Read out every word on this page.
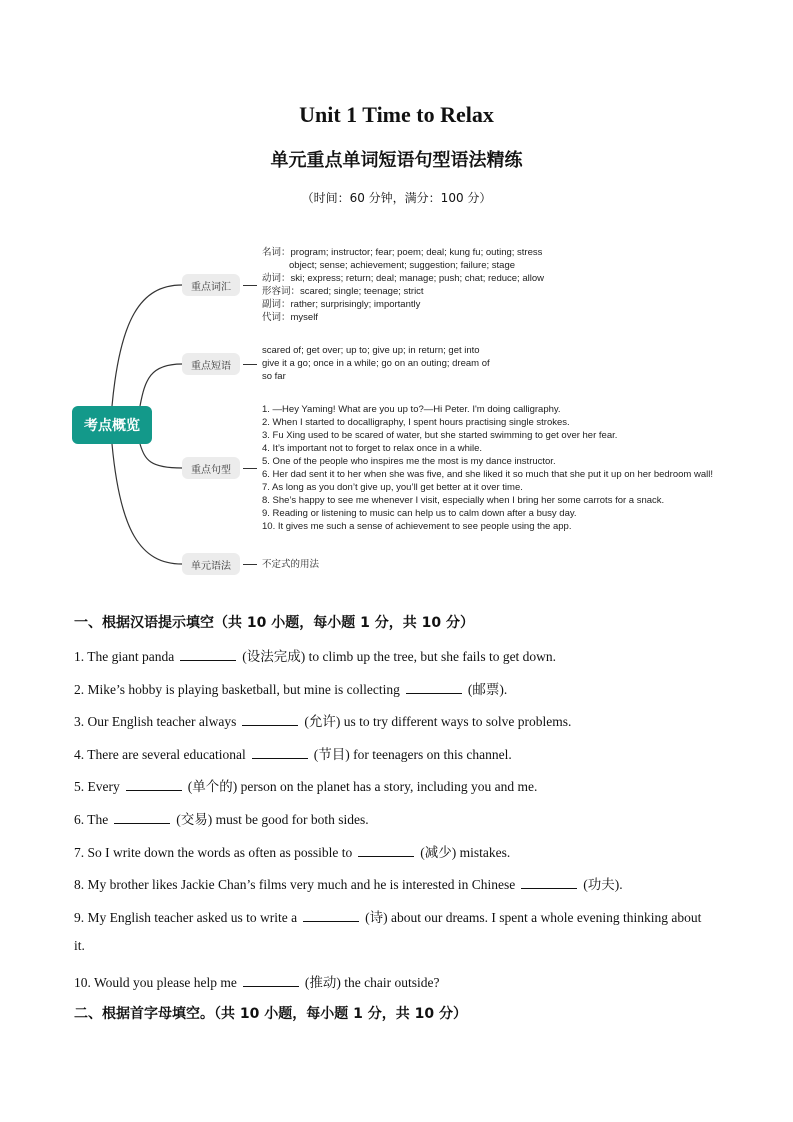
Unit 1 Time to Relax
单元重点单词短语句型语法精练
（时间：60 分钟，满分：100 分）
考点概览
重点词汇
名词：program; instructor; fear; poem; deal; kung fu; outing; stress
object; sense; achievement; suggestion; failure; stage
动词：ski; express; return; deal; manage; push; chat; reduce; allow
形容词：scared; single; teenage; strict
副词：rather; surprisingly; importantly
代词：myself
重点短语
scared of; get over; up to; give up; in return; get into
give it a go; once in a while; go on an outing; dream of
so far
重点句型
1. —Hey Yaming! What are you up to?—Hi Peter. I'm doing calligraphy.
2. When I started to docalligraphy, I spent hours practising single strokes.
3. Fu Xing used to be scared of water, but she started swimming to get over her fear.
4. It’s important not to forget to relax once in a while.
5. One of the people who inspires me the most is my dance instructor.
6. Her dad sent it to her when she was five, and she liked it so much that she put it up on her bedroom wall!
7. As long as you don’t give up, you’ll get better at it over time.
8. She’s happy to see me whenever I visit, especially when I bring her some carrots for a snack.
9. Reading or listening to music can help us to calm down after a busy day.
10. It gives me such a sense of achievement to see people using the app.
单元语法	不定式的用法
一、根据汉语提示填空（共 10 小题，每小题 1 分，共 10 分）
1. The giant panda	(设法完成) to climb up the tree, but she fails to get down.
2. Mike’s hobby is playing basketball, but mine is collecting	(邮票).
3. Our English teacher always	(允许) us to try different ways to solve problems.
4. There are several educational	(节目) for teenagers on this channel.
5. Every	(单个的) person on the planet has a story, including you and me.
6. The	(交易) must be good for both sides.
7. So I write down the words as often as possible to	(减少) mistakes.
8. My brother likes Jackie Chan’s films very much and he is interested in Chinese	(功夫).
9. My English teacher asked us to write a	(诗) about our dreams. I spent a whole evening thinking about
it.
10. Would you please help me	(推动) the chair outside?
二、根据首字母填空。（共 10 小题，每小题 1 分，共 10 分）
